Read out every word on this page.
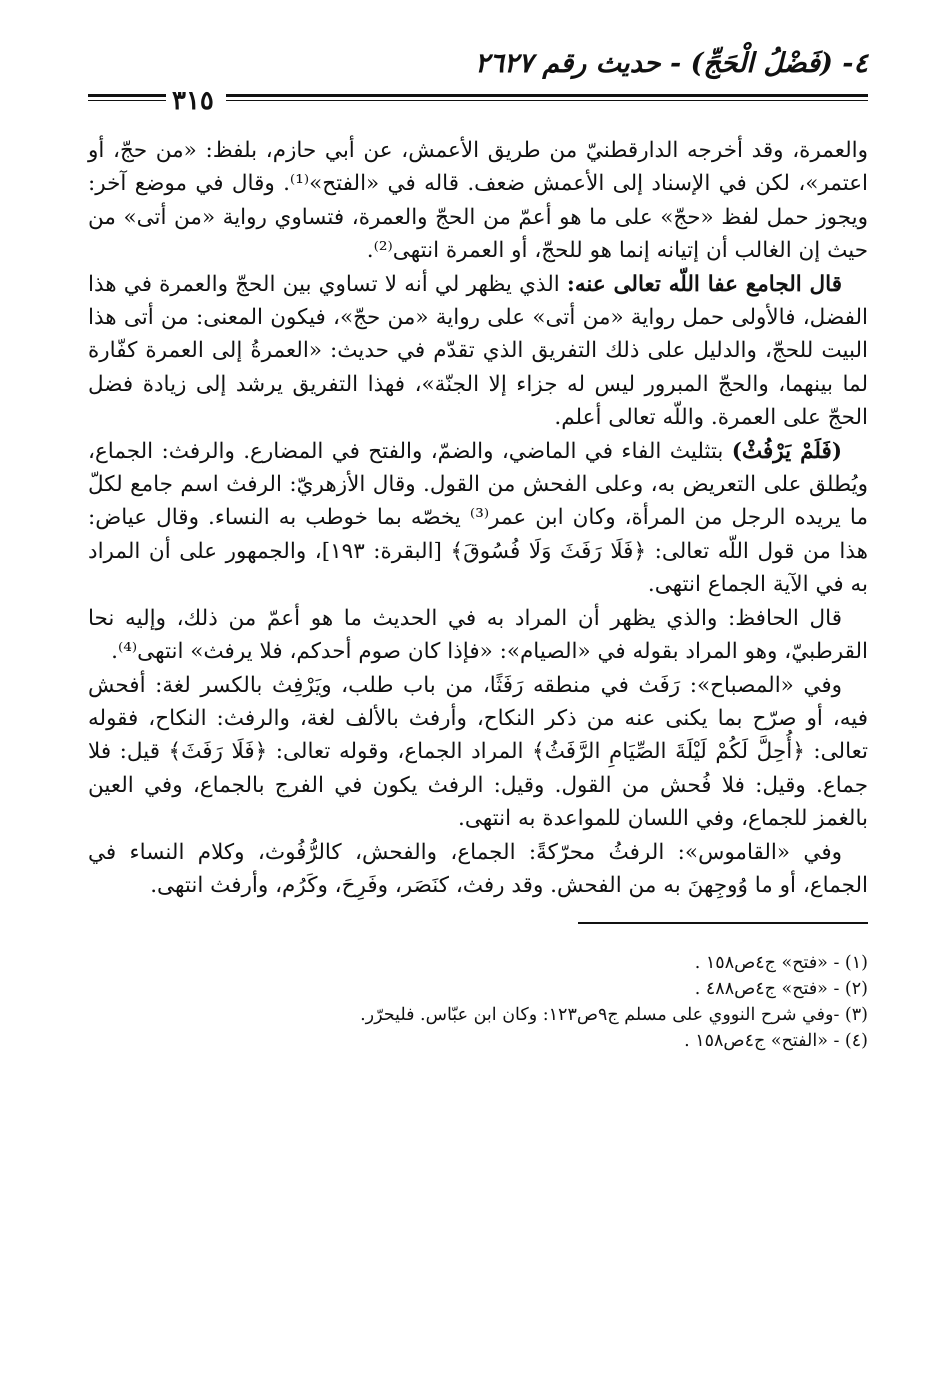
٤- (فَضْلُ الْحَجِّ) - حديث رقم ٢٦٢٧
٣١٥

والعمرة، وقد أخرجه الدارقطنيّ من طريق الأعمش، عن أبي حازم، بلفظ: «من حجّ، أو اعتمر»، لكن في الإسناد إلى الأعمش ضعف. قاله في «الفتح»⁽¹⁾. وقال في موضع آخر: ويجوز حمل لفظ «حجّ» على ما هو أعمّ من الحجّ والعمرة، فتساوي رواية «من أتى» من حيث إن الغالب أن إتيانه إنما هو للحجّ، أو العمرة انتهى⁽²⁾.

قال الجامع عفا اللّه تعالى عنه: الذي يظهر لي أنه لا تساوي بين الحجّ والعمرة في هذا الفضل، فالأولى حمل رواية «من أتى» على رواية «من حجّ»، فيكون المعنى: من أتى هذا البيت للحجّ، والدليل على ذلك التفريق الذي تقدّم في حديث: «العمرةُ إلى العمرة كفّارة لما بينهما، والحجّ المبرور ليس له جزاء إلا الجنّة»، فهذا التفريق يرشد إلى زيادة فضل الحجّ على العمرة. واللّه تعالى أعلم.

(فَلَمْ يَرْفُثْ) بتثليث الفاء في الماضي، والضمّ، والفتح في المضارع. والرفث: الجماع، ويُطلق على التعريض به، وعلى الفحش من القول. وقال الأزهريّ: الرفث اسم جامع لكلّ ما يريده الرجل من المرأة، وكان ابن عمر⁽³⁾ يخصّه بما خوطب به النساء. وقال عياض: هذا من قول اللّه تعالى: ﴿فَلَا رَفَثَ وَلَا فُسُوقَ﴾ [البقرة: ١٩٣]، والجمهور على أن المراد به في الآية الجماع انتهى.

قال الحافظ: والذي يظهر أن المراد به في الحديث ما هو أعمّ من ذلك، وإليه نحا القرطبيّ، وهو المراد بقوله في «الصيام»: «فإذا كان صوم أحدكم، فلا يرفث» انتهى⁽⁴⁾.

وفي «المصباح»: رَفَث في منطقه رَفَثًا، من باب طلب، ويَرْفِث بالكسر لغة: أفحش فيه، أو صرّح بما يكنى عنه من ذكر النكاح، وأرفث بالألف لغة، والرفث: النكاح، فقوله تعالى: ﴿أُحِلَّ لَكُمْ لَيْلَةَ الصِّيَامِ الرَّفَثُ﴾ المراد الجماع، وقوله تعالى: ﴿فَلَا رَفَثَ﴾ قيل: فلا جماع. وقيل: فلا فُحش من القول. وقيل: الرفث يكون في الفرج بالجماع، وفي العين بالغمز للجماع، وفي اللسان للمواعدة به انتهى.

وفي «القاموس»: الرفثُ محرّكةً: الجماع، والفحش، كالرُّفُوث، وكلام النساء في الجماع، أو ما وُوجِهنَ به من الفحش. وقد رفث، كنَصَر، وفَرِحَ، وكَرُم، وأرفث انتهى.

(١) - «فتح» ج٤ص١٥٨ .
(٢) - «فتح» ج٤ص٤٨٨ .
(٣) -وفي شرح النووي على مسلم ج٩ص١٢٣: وكان ابن عبّاس. فليحرّر.
(٤) - «الفتح» ج٤ص١٥٨ .
